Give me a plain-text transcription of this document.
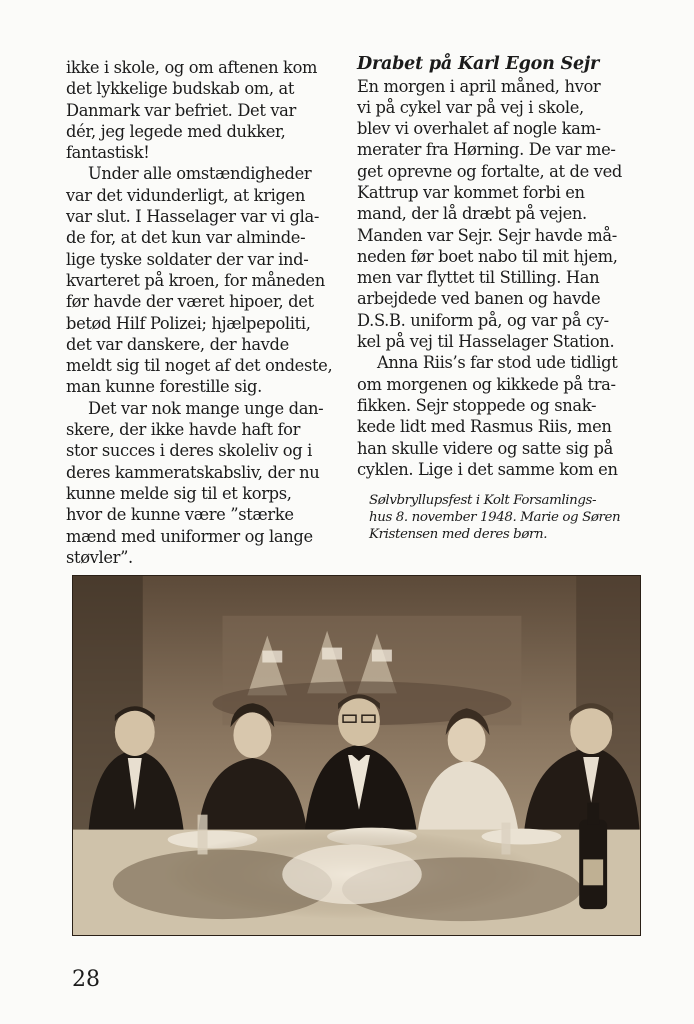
ikke i skole, og om aftenen kom
det lykkelige budskab om, at
Danmark var befriet. Det var
dér, jeg legede med dukker,
fantastisk!

Under alle omstændigheder
var det vidunderligt, at krigen
var slut. I Hasselager var vi gla-
de for, at det kun var alminde-
lige tyske soldater der var ind-
kvarteret på kroen, for måneden
før havde der været hipoer, det
betød Hilf Polizei; hjælpepoliti,
det var danskere, der havde
meldt sig til noget af det ondeste,
man kunne forestille sig.

Det var nok mange unge dan-
skere, der ikke havde haft for
stor succes i deres skoleliv og i
deres kammeratskabsliv, der nu
kunne melde sig til et korps,
hvor de kunne være ”stærke
mænd med uniformer og lange
støvler”.

Drabet på Karl Egon Sejr

En morgen i april måned, hvor
vi på cykel var på vej i skole,
blev vi overhalet af nogle kam-
merater fra Hørning. De var me-
get oprevne og fortalte, at de ved
Kattrup var kommet forbi en
mand, der lå dræbt på vejen.
Manden var Sejr. Sejr havde må-
neden før boet nabo til mit hjem,
men var flyttet til Stilling. Han
arbejdede ved banen og havde
D.S.B. uniform på, og var på cy-
kel på vej til Hasselager Station.

Anna Riis’s far stod ude tidligt
om morgenen og kikkede på tra-
fikken. Sejr stoppede og snak-
kede lidt med Rasmus Riis, men
han skulle videre og satte sig på
cyklen. Lige i det samme kom en

Sølvbryllupsfest i Kolt Forsamlings-
hus 8. november 1948. Marie og Søren
Kristensen med deres børn.
28
